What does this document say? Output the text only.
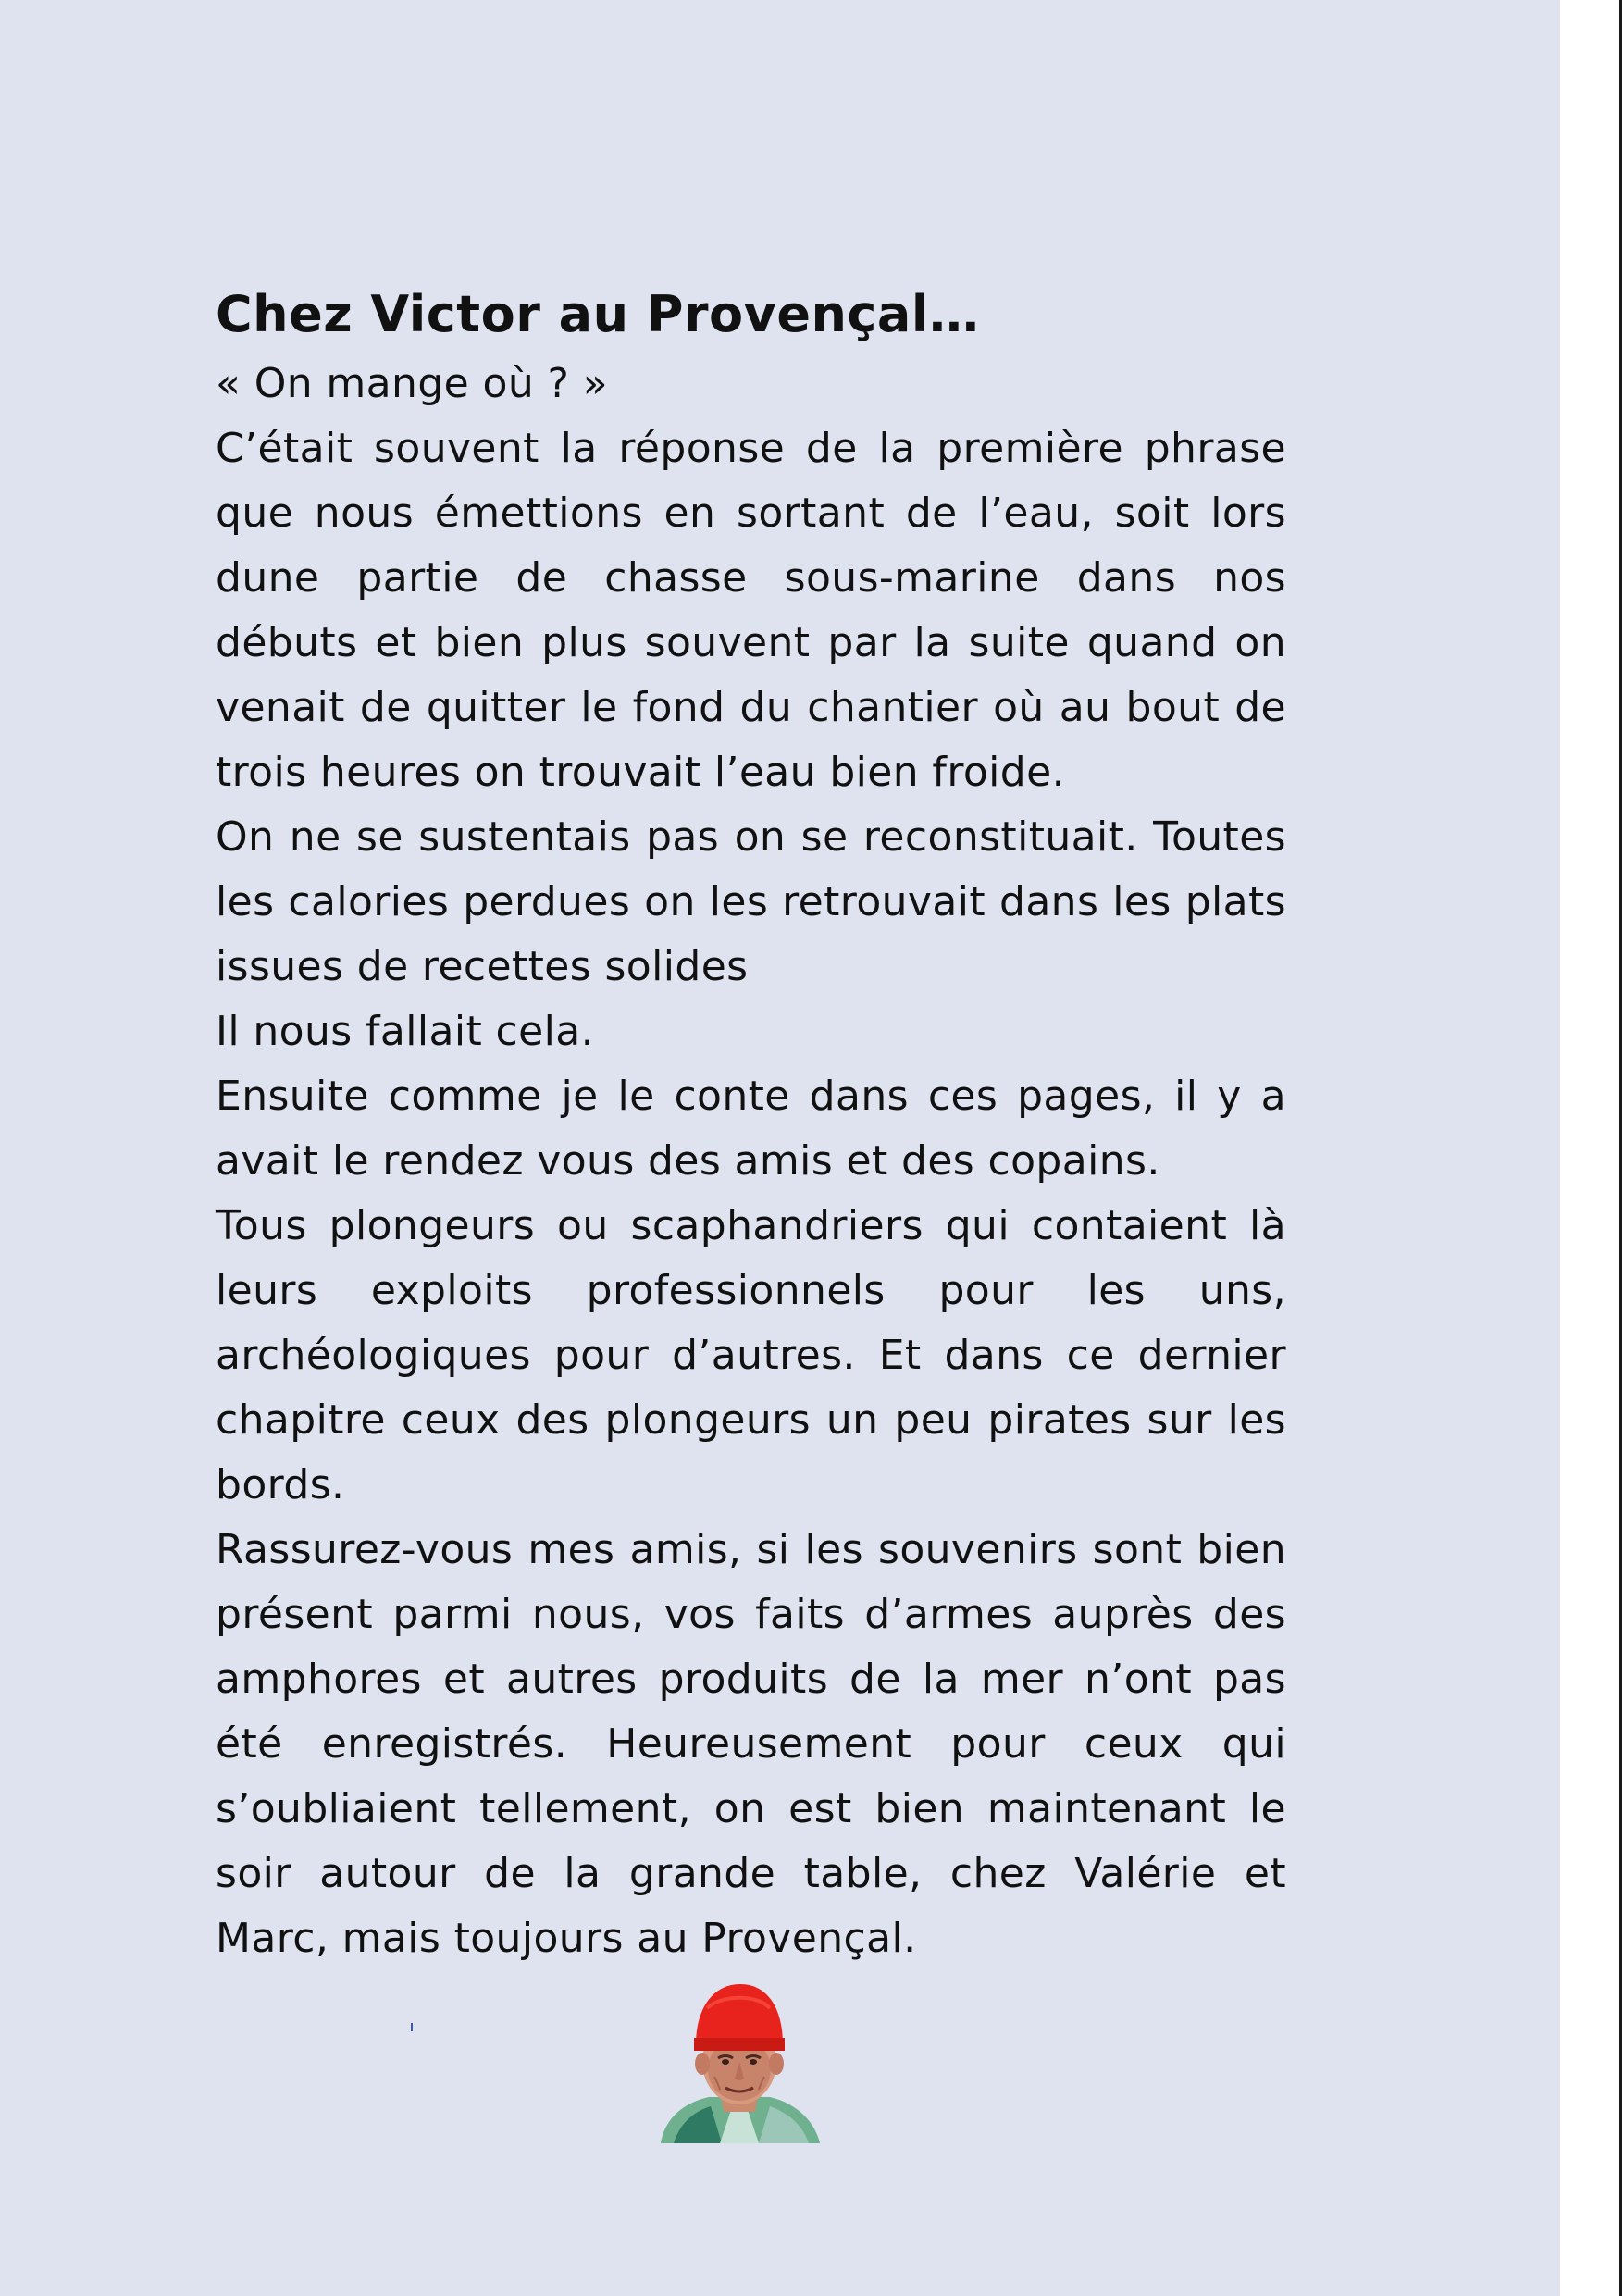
Chez Victor au Provençal…

« On mange où ? »

C’était souvent la réponse de la première phrase que nous émettions en sortant de l’eau, soit lors dune partie de chasse sous-marine dans nos débuts et bien plus souvent par la suite quand on venait de quitter le fond du chantier où au bout de trois heures on trouvait l’eau bien froide.

On ne se sustentais pas on se reconstituait. Toutes les calories perdues on les retrouvait dans les plats issues de recettes solides

Il nous fallait cela.

Ensuite comme je le conte dans ces pages, il y a avait le rendez vous des amis et des copains.

Tous plongeurs ou scaphandriers qui contaient là leurs exploits professionnels pour les uns, archéologiques pour d’autres. Et dans ce dernier chapitre ceux des plongeurs un peu pirates sur les bords.

Rassurez-vous mes amis, si les souvenirs sont bien présent parmi nous, vos faits d’armes auprès des amphores et autres produits de la mer n’ont pas été enregistrés. Heureusement pour ceux qui s’oubliaient tellement, on est bien maintenant le soir autour de la grande table, chez Valérie et Marc, mais toujours au Provençal.
